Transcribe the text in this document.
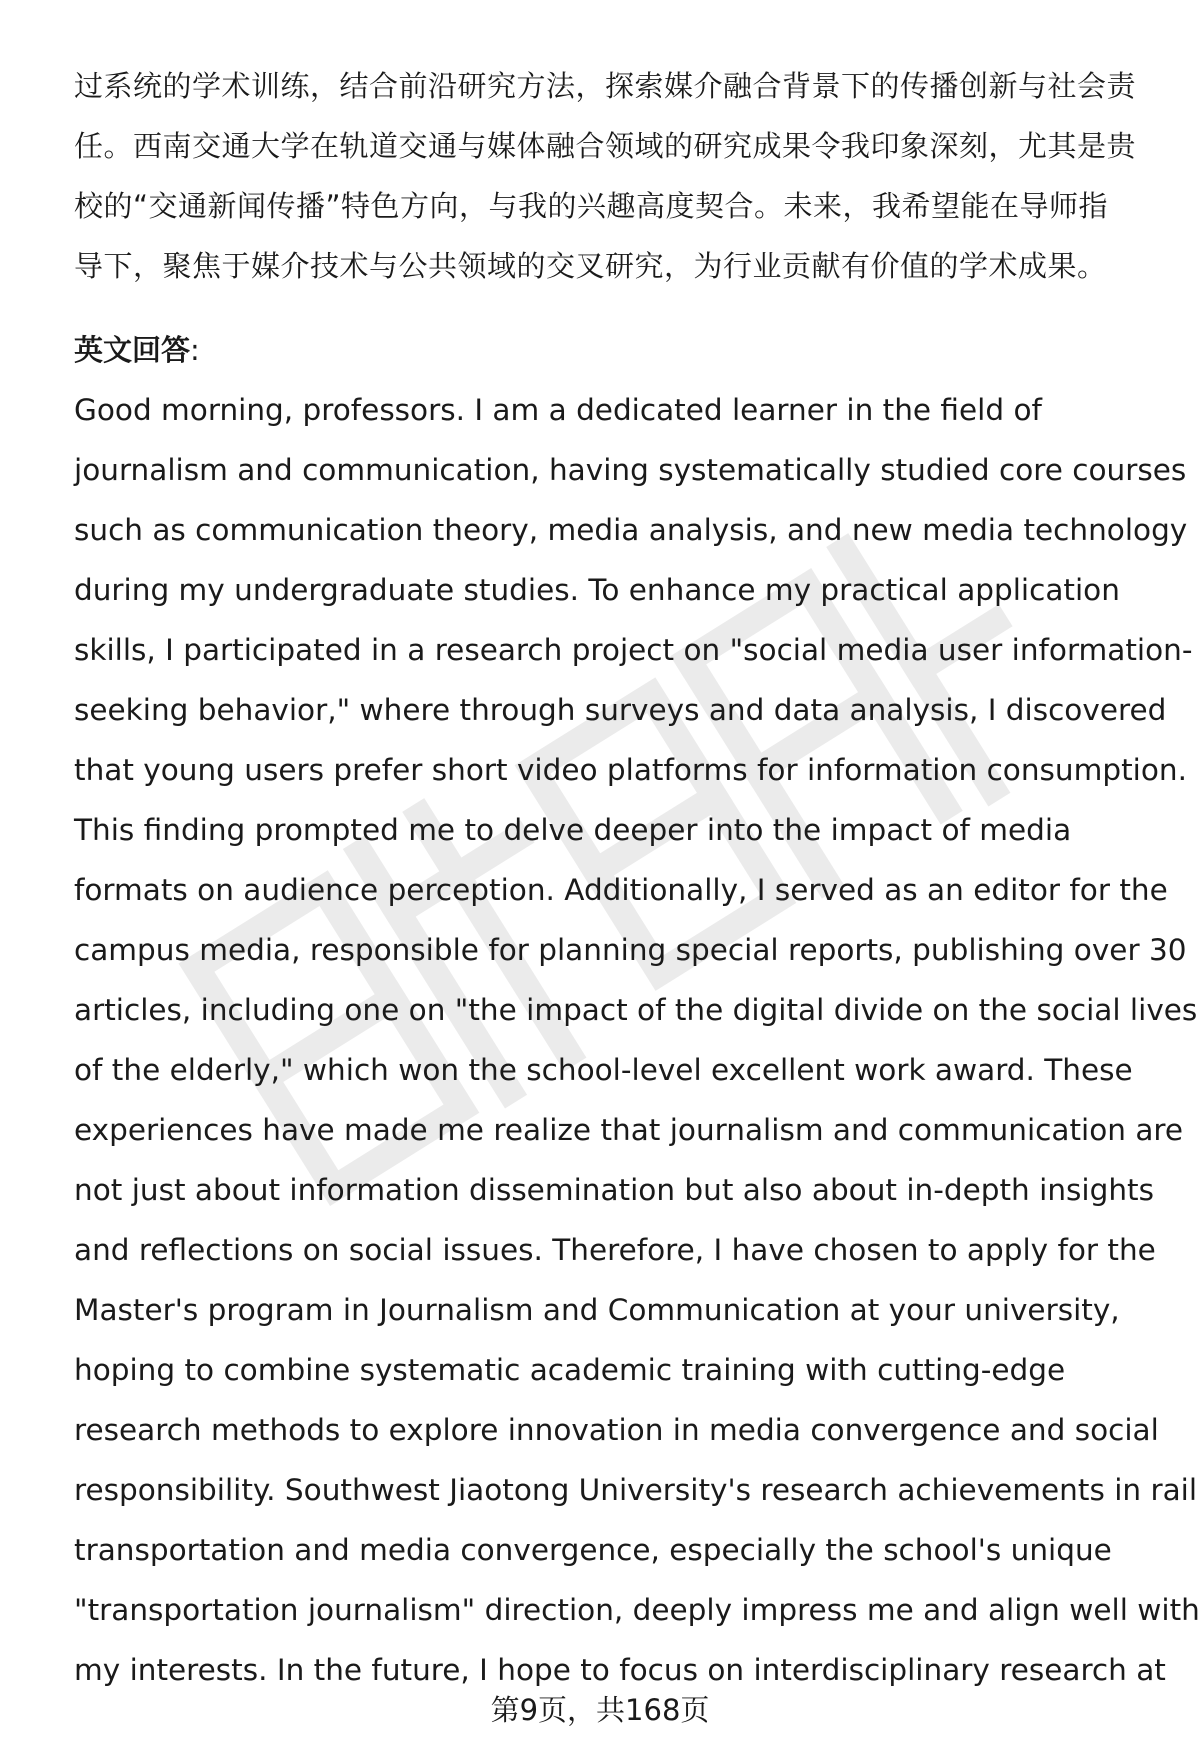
过系统的学术训练，结合前沿研究方法，探索媒介融合背景下的传播创新与社会责
任。西南交通大学在轨道交通与媒体融合领域的研究成果令我印象深刻，尤其是贵
校的“交通新闻传播”特色方向，与我的兴趣高度契合。未来，我希望能在导师指
导下，聚焦于媒介技术与公共领域的交叉研究，为行业贡献有价值的学术成果。
英文回答:
Good morning, professors. I am a dedicated learner in the field of
journalism and communication, having systematically studied core courses
such as communication theory, media analysis, and new media technology
during my undergraduate studies. To enhance my practical application
skills, I participated in a research project on "social media user information-
seeking behavior," where through surveys and data analysis, I discovered
that young users prefer short video platforms for information consumption.
This finding prompted me to delve deeper into the impact of media
formats on audience perception. Additionally, I served as an editor for the
campus media, responsible for planning special reports, publishing over 30
articles, including one on "the impact of the digital divide on the social lives
of the elderly," which won the school-level excellent work award. These
experiences have made me realize that journalism and communication are
not just about information dissemination but also about in-depth insights
and reflections on social issues. Therefore, I have chosen to apply for the
Master's program in Journalism and Communication at your university,
hoping to combine systematic academic training with cutting-edge
research methods to explore innovation in media convergence and social
responsibility. Southwest Jiaotong University's research achievements in rail
transportation and media convergence, especially the school's unique
"transportation journalism" direction, deeply impress me and align well with
my interests. In the future, I hope to focus on interdisciplinary research at
第9页，共168页
